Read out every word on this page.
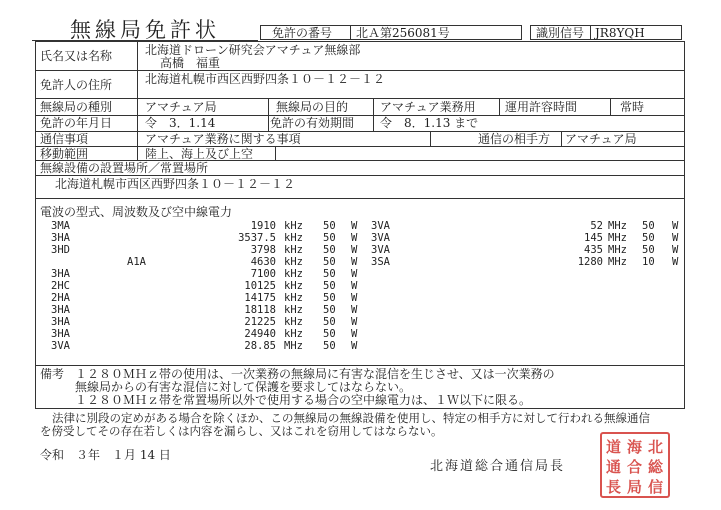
無線局免許状	免許の番号 北Ａ第256081号	識別信号 JR8YQH
氏名又は名称	北海道ドローン研究会アマチュア無線部
高橋　福重
免許人の住所	北海道札幌市西区西野四条１０－１２－１２
無線局の種別	アマチュア局	無線局の目的	アマチュア業務用 運用許容時間	常時
免許の年月日	令　3．1.14	免許の有効期間 令　8．1.13 まで
通信事項	アマチュア業務に関する事項	通信の相手方 アマチュア局
移動範囲	陸上、海上及び上空
無線設備の設置場所／常置場所
北海道札幌市西区西野四条１０－１２－１２
電波の型式、周波数及び空中線電力
3MA	1910 kHz 50 W
3HA	3537.5 kHz 50 W
3HD	3798 kHz 50 W
A1A	4630 kHz 50 W
3HA	7100 kHz 50 W
2HC	10125 kHz 50 W
2HA	14175 kHz 50 W
3HA	18118 kHz 50 W
3HA	21225 kHz 50 W
3HA	24940 kHz 50 W
3VA	28.85 MHz 50 W
3VA	52 MHz 50 W
3VA	145 MHz 50 W
3VA	435 MHz 50 W
3SA	1280 MHz 10 W
備考 １２８０ＭＨｚ帯の使用は、一次業務の無線局に有害な混信を生じさせ、又は一次業務の
無線局からの有害な混信に対して保護を要求してはならない。
１２８０ＭＨｚ帯を常置場所以外で使用する場合の空中線電力は、１Ｗ以下に限る。
法律に別段の定めがある場合を除くほか、この無線局の無線設備を使用し、特定の相手方に対して行われる無線通信
を傍受してその存在若しくは内容を漏らし、又はこれを窃用してはならない。
令和　３年　１月 14 日
北海道総合通信局長
北
海
道
総
合
通
信
局
長
